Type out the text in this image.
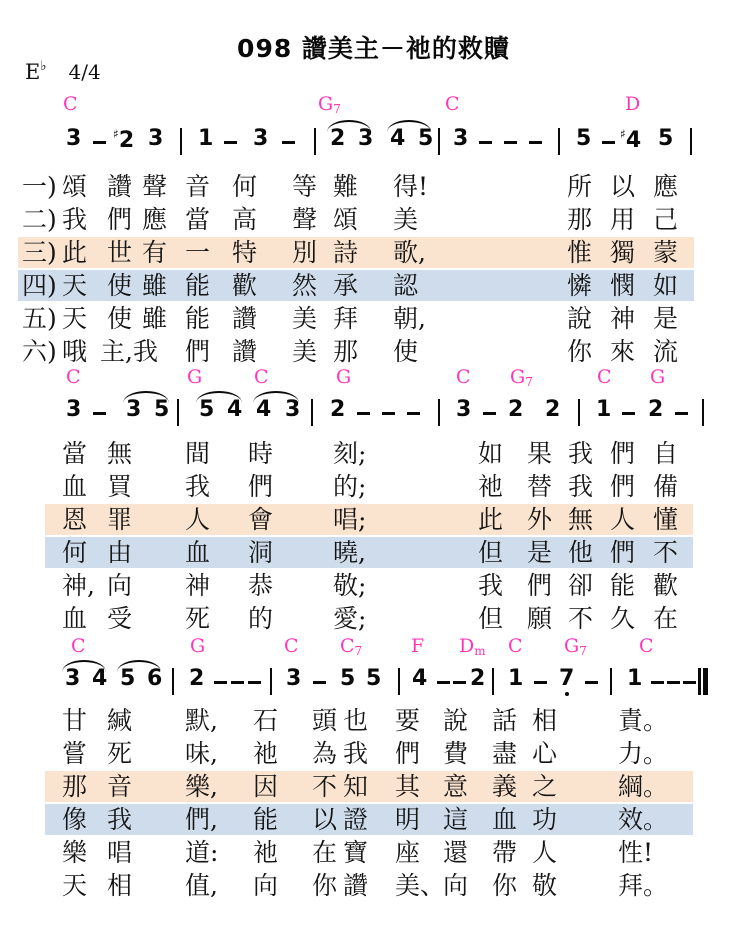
098 讚美主－祂的救贖
E♭ 4/4
C	$G_7$	C	D
3	♯2 3 1 3	2 3 4 5 3	5 ♯4 5
一) 頌 讚 聲 音 何 等 難 得!	所 以 應
二) 我 們 應 當 高 聲 頌 美	那 用 己
三) 此 世 有 一 特 別 詩 歌,	惟 獨 蒙
四) 天 使 雖 能 歡 然 承 認	憐 憫 如
五) 天 使 雖 能 讚 美 拜 朝,	說 神 是
六) 哦 主, 我 們 讚 美 那 使	你 來 流
C	G	C	G	C $G_7$	C G
3 3 5 5 4 4 3 2	3 2 2 1 2
當 無 間 時 刻;	如 果 我 們 自
血 買 我 們 的;	祂 替 我 們 備
恩 罪 人 會 唱;	此 外 無 人 懂
何 由 血 洞 曉,	但 是 他 們 不
神, 向 神 恭 敬;	我 們 卻 能 歡
血 受 死 的 愛;	但 願 不 久 在
C	G	C $C_7$	F $D_m$ C $G_7$	C
3 4 5 6 2	3 5 5 4 2 1 7 1
甘 緘 默, 石 頭 也 要 說 話 相 責。
嘗 死 味, 祂 為 我 們 費 盡 心 力。
那 音 樂, 因 不 知 其 意 義 之 綱。
像 我 們, 能 以 證 明 這 血 功 效。
樂 唱 道: 祂 在 寶 座 還 帶 人 性!
天 相 值, 向 你 讚 美、
向 你 敬 拜。
